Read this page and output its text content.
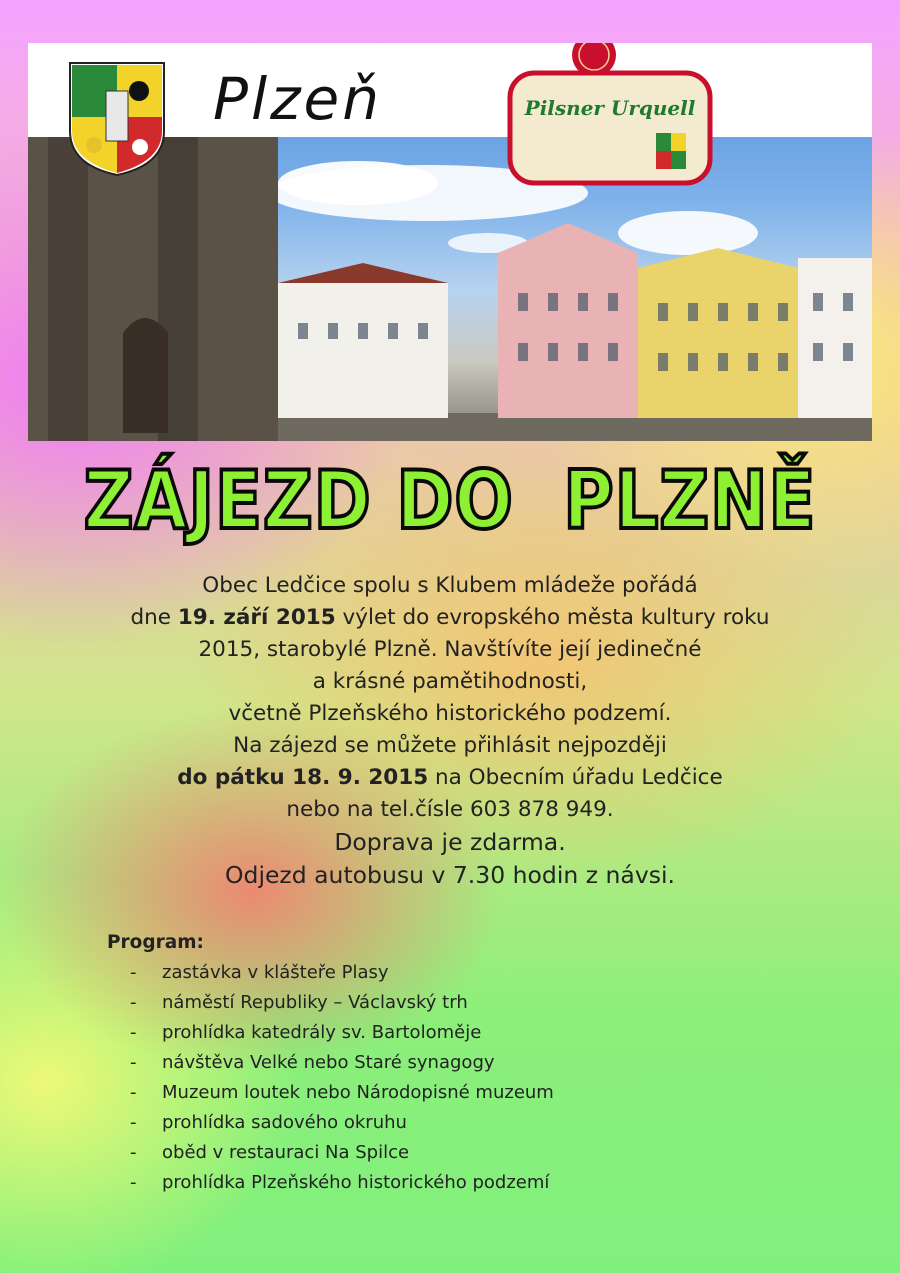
Plzeň	Pilsner Urquell
ZÁJEZD DO  PLZNĚ
Obec Ledčice spolu s Klubem mládeže pořádá
dne 19. září 2015 výlet do evropského města kultury roku
2015, starobylé Plzně. Navštívíte její jedinečné
a krásné pamětihodnosti,
včetně Plzeňského historického podzemí.
Na zájezd se můžete přihlásit nejpozději
do pátku 18. 9. 2015 na Obecním úřadu Ledčice
nebo na tel.čísle 603 878 949.
Doprava je zdarma.
Odjezd autobusu v 7.30 hodin z návsi.
Program:
- zastávka v klášteře Plasy
- náměstí Republiky – Václavský trh
- prohlídka katedrály sv. Bartoloměje
- návštěva Velké nebo Staré synagogy
- Muzeum loutek nebo Národopisné muzeum
- prohlídka sadového okruhu
- oběd v restauraci Na Spilce
- prohlídka Plzeňského historického podzemí
